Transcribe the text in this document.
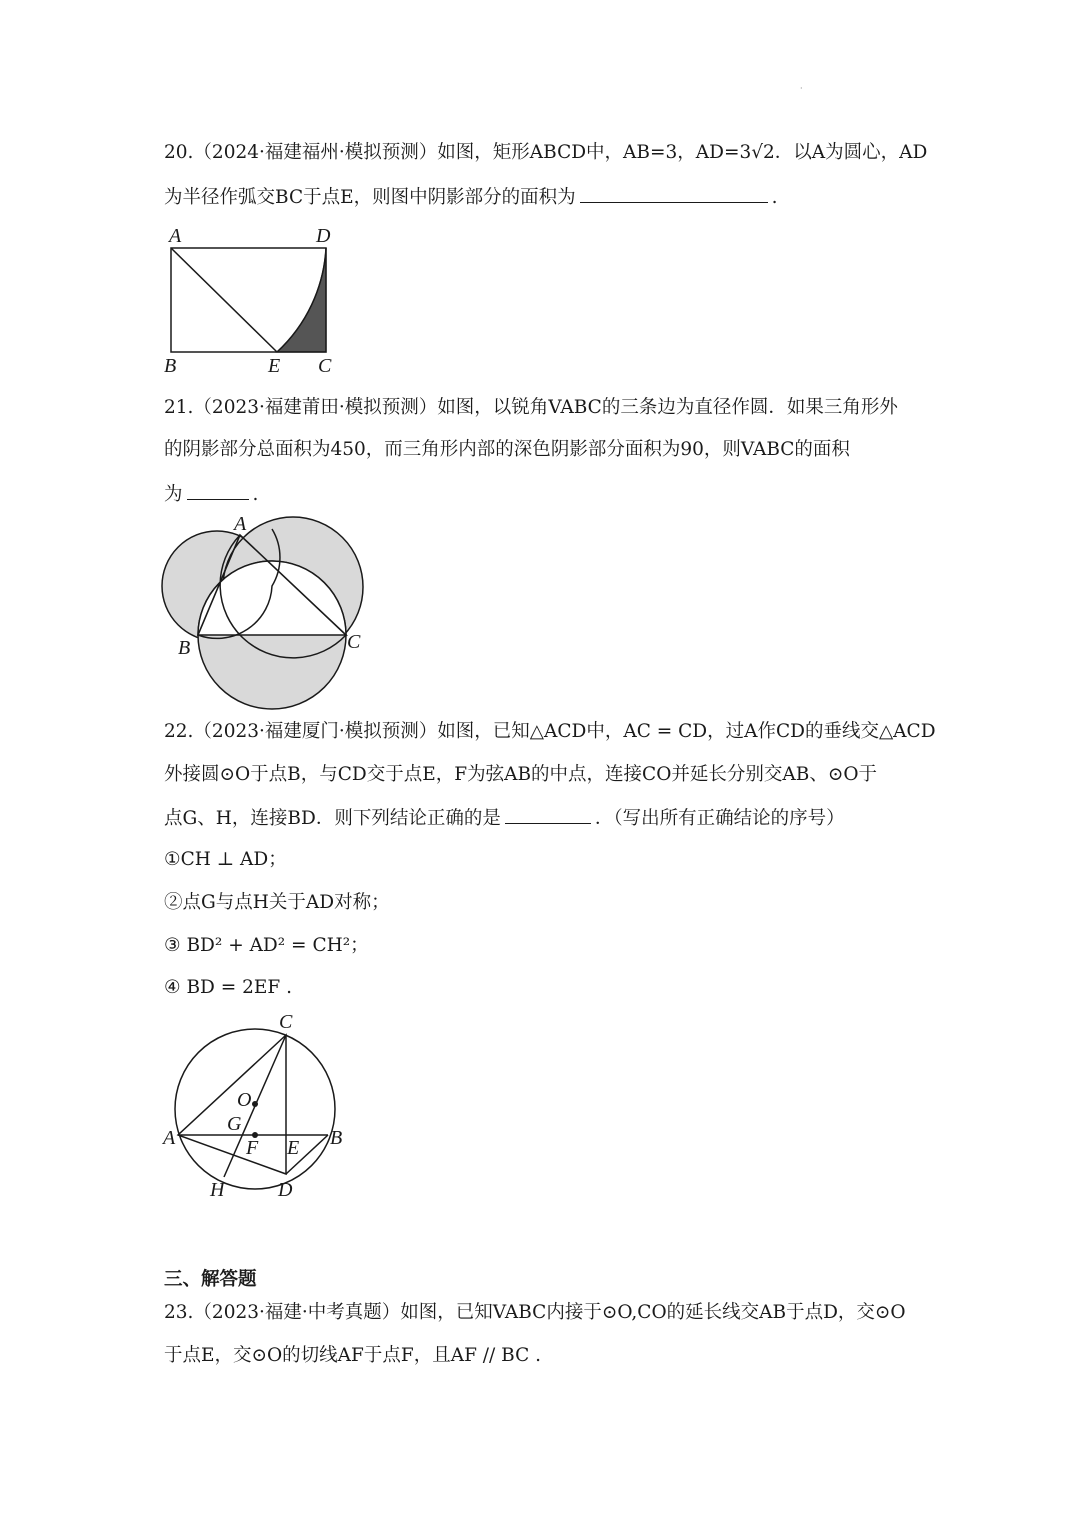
·
20.（2024·福建福州·模拟预测）如图，矩形ABCD中，AB=3，AD=3√2．以A为圆心，AD
为半径作弧交BC于点E，则图中阴影部分的面积为	.
A	D
B	E C
21.（2023·福建莆田·模拟预测）如图，以锐角VABC的三条边为直径作圆．如果三角形外
的阴影部分总面积为450，而三角形内部的深色阴影部分面积为90，则VABC的面积
为	.
A
B	C
22.（2023·福建厦门·模拟预测）如图，已知△ACD中，AC = CD，过A作CD的垂线交△ACD
外接圆⊙O于点B，与CD交于点E，F为弦AB的中点，连接CO并延长分别交AB、⊙O于
点G、H，连接BD．则下列结论正确的是	．（写出所有正确结论的序号）
①CH ⊥ AD；
②点G与点H关于AD对称；
③ BD² + AD² = CH²；
④ BD = 2EF .
C
O
G
A	F E B
H	D
三、解答题
23.（2023·福建·中考真题）如图，已知VABC内接于⊙O,CO的延长线交AB于点D，交⊙O
于点E，交⊙O的切线AF于点F，且AF // BC .
